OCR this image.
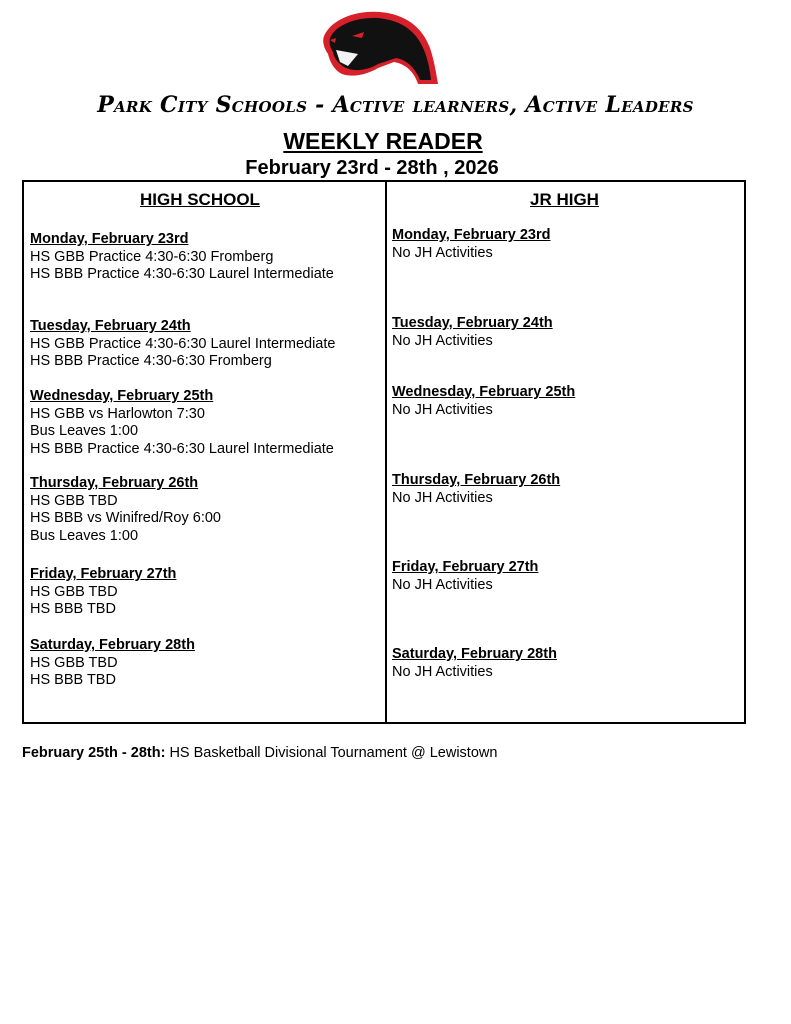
Park City Schools - Active learners, Active Leaders
WEEKLY READER
February 23rd - 28th , 2026
HIGH SCHOOL
Monday, February 23rd
HS GBB Practice 4:30-6:30 Fromberg
HS BBB Practice 4:30-6:30 Laurel Intermediate
Tuesday, February 24th
HS GBB Practice 4:30-6:30 Laurel Intermediate
HS BBB Practice 4:30-6:30 Fromberg
Wednesday, February 25th
HS GBB vs Harlowton 7:30
Bus Leaves 1:00
HS BBB Practice 4:30-6:30 Laurel Intermediate
Thursday, February 26th
HS GBB TBD
HS BBB vs Winifred/Roy 6:00
Bus Leaves 1:00
Friday, February 27th
HS GBB TBD
HS BBB TBD
Saturday, February 28th
HS GBB TBD
HS BBB TBD
JR HIGH
Monday, February 23rd
No JH Activities
Tuesday, February 24th
No JH Activities
Wednesday, February 25th
No JH Activities
Thursday, February 26th
No JH Activities
Friday, February 27th
No JH Activities
Saturday, February 28th
No JH Activities
February 25th - 28th: HS Basketball Divisional Tournament @ Lewistown
